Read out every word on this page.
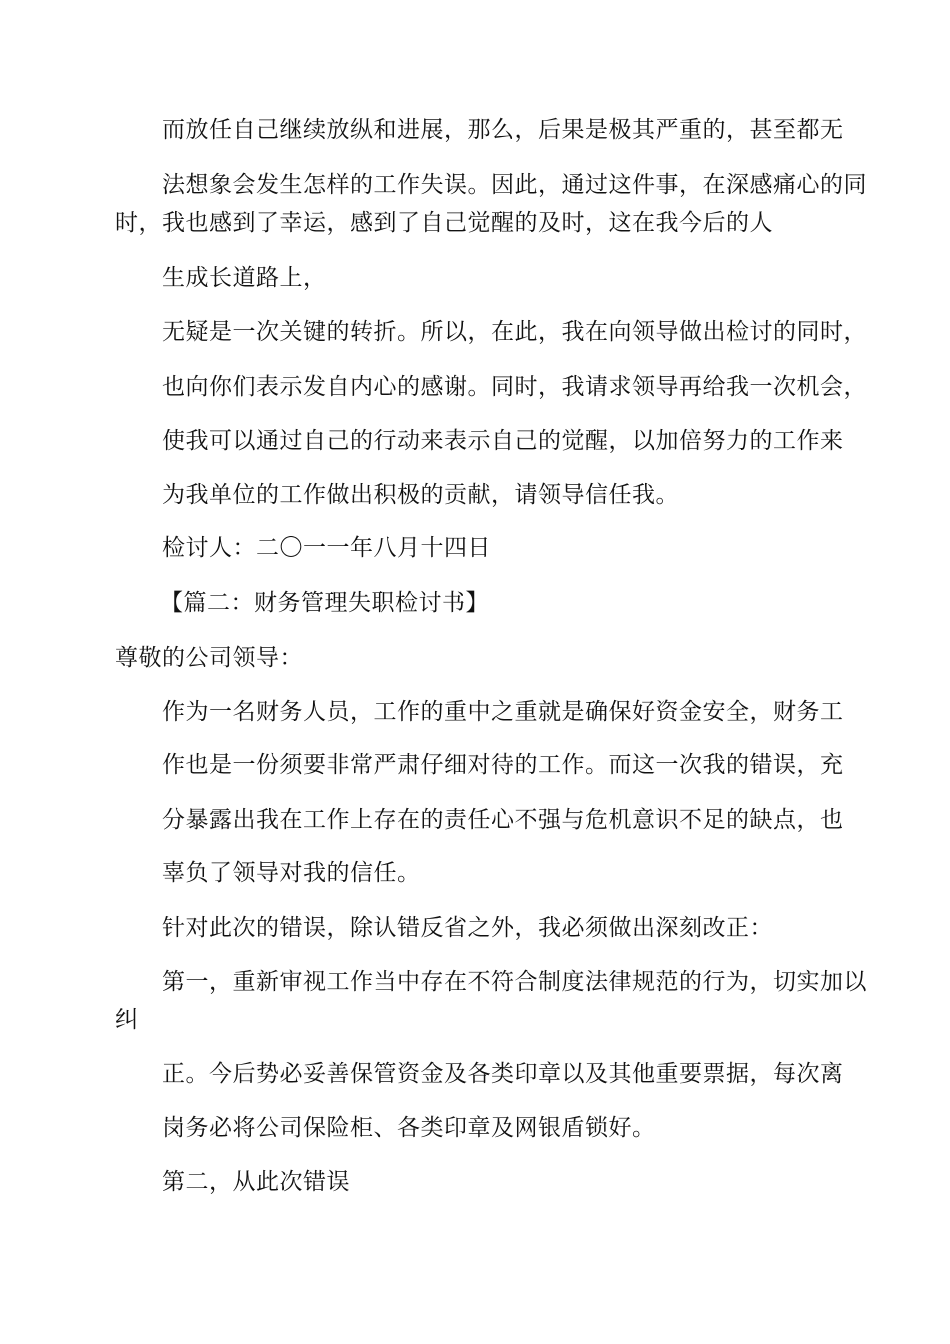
而放任自己继续放纵和进展，那么，后果是极其严重的，甚至都无
法想象会发生怎样的工作失误。因此，通过这件事，在深感痛心的同
时，我也感到了幸运，感到了自己觉醒的及时，这在我今后的人
生成长道路上，
无疑是一次关键的转折。所以，在此，我在向领导做出检讨的同时，
也向你们表示发自内心的感谢。同时，我请求领导再给我一次机会，
使我可以通过自己的行动来表示自己的觉醒，以加倍努力的工作来
为我单位的工作做出积极的贡献，请领导信任我。
检讨人：二〇一一年八月十四日
【篇二：财务管理失职检讨书】
尊敬的公司领导：
作为一名财务人员，工作的重中之重就是确保好资金安全，财务工
作也是一份须要非常严肃仔细对待的工作。而这一次我的错误，充
分暴露出我在工作上存在的责任心不强与危机意识不足的缺点，也
辜负了领导对我的信任。
针对此次的错误，除认错反省之外，我必须做出深刻改正：
第一，重新审视工作当中存在不符合制度法律规范的行为，切实加以
纠
正。今后势必妥善保管资金及各类印章以及其他重要票据，每次离
岗务必将公司保险柜、各类印章及网银盾锁好。
第二，从此次错误
